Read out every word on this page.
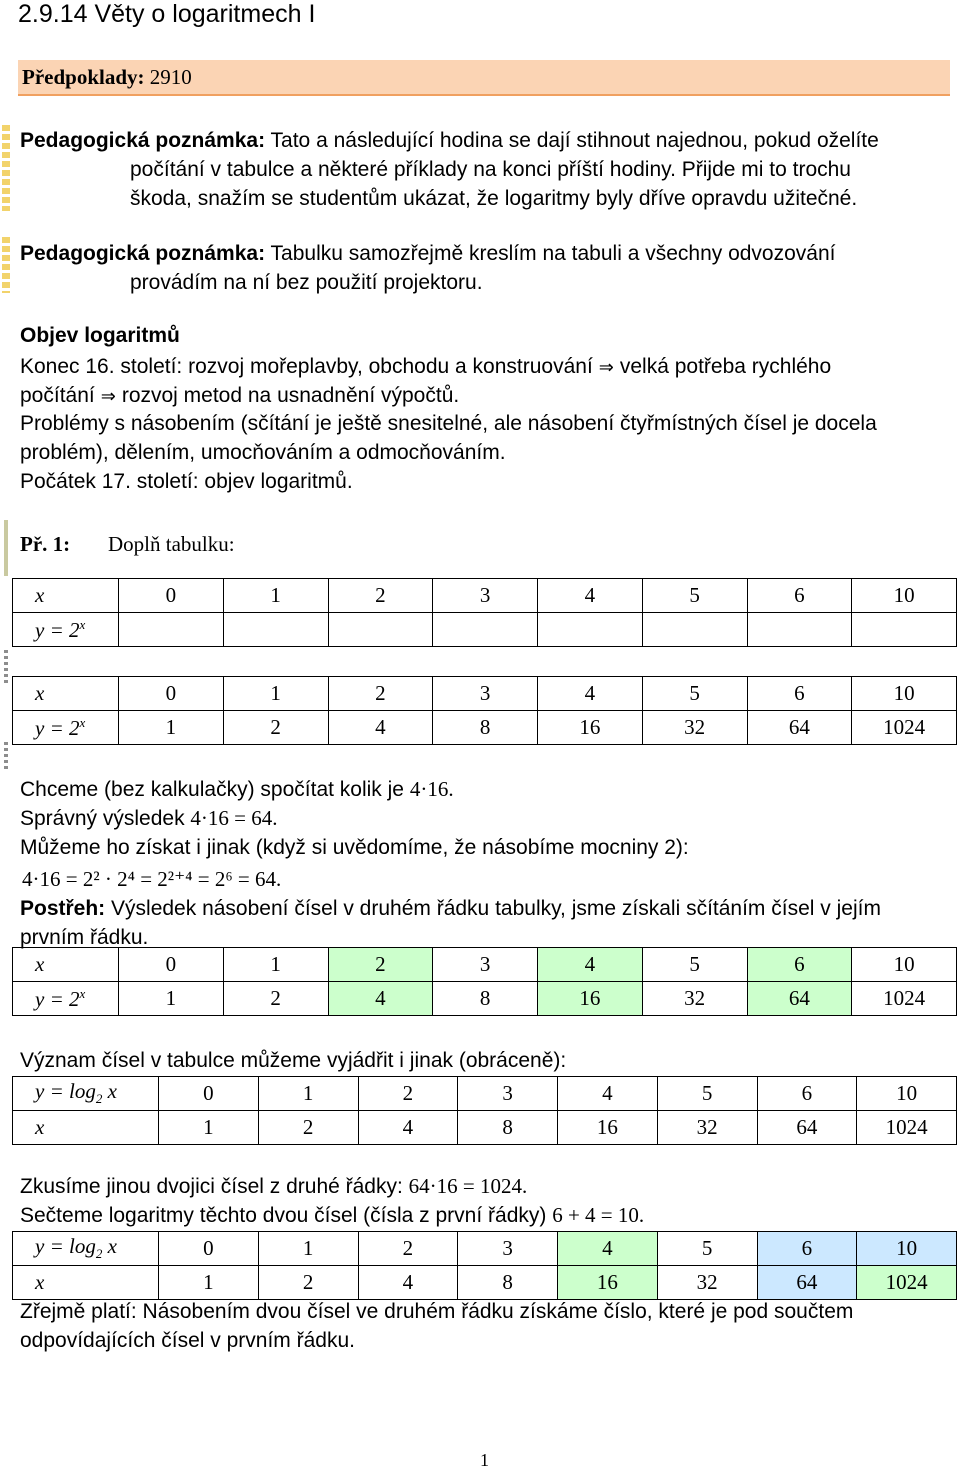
2.9.14 Věty o logaritmech I
Předpoklady: 2910
Pedagogická poznámka: Tato a následující hodina se dají stihnout najednou, pokud oželíte
počítání v tabulce a některé příklady na konci příští hodiny. Přijde mi to trochu
škoda, snažím se studentům ukázat, že logaritmy byly dříve opravdu užitečné.
Pedagogická poznámka: Tabulku samozřejmě kreslím na tabuli a všechny odvozování
provádím na ní bez použití projektoru.
Objev logaritmů
Konec 16. století: rozvoj mořeplavby, obchodu a konstruování ⇒ velká potřeba rychlého
počítání ⇒ rozvoj metod na usnadnění výpočtů.
Problémy s násobením (sčítání je ještě snesitelné, ale násobení čtyřmístných čísel je docela
problém), dělením, umocňováním a odmocňováním.
Počátek 17. století: objev logaritmů.
Př. 1: Doplň tabulku:
x	0	1	2	3	4	5	6	10
$y = 2^x$								
x	0	1	2	3	4	5	6	10
$y = 2^x$	1	2	4	8	16	32	64	1024
Chceme (bez kalkulačky) spočítat kolik je 4·16.
Správný výsledek 4·16 = 64.
Můžeme ho získat i jinak (když si uvědomíme, že násobíme mocniny 2):
4·16 = 2² · 2⁴ = 2²⁺⁴ = 2⁶ = 64.
Postřeh: Výsledek násobení čísel v druhém řádku tabulky, jsme získali sčítáním čísel v jejím
prvním řádku.
x	0	1	2	3	4	5	6	10
$y = 2^x$	1	2	4	8	16	32	64	1024
Význam čísel v tabulce můžeme vyjádřit i jinak (obráceně):
$y = \log_2 x$	0	1	2	3	4	5	6	10
x	1	2	4	8	16	32	64	1024
Zkusíme jinou dvojici čísel z druhé řádky: 64·16 = 1024.
Sečteme logaritmy těchto dvou čísel (čísla z první řádky) 6 + 4 = 10.
$y = \log_2 x$	0	1	2	3	4	5	6	10
x	1	2	4	8	16	32	64	1024
Zřejmě platí: Násobením dvou čísel ve druhém řádku získáme číslo, které je pod součtem
odpovídajících čísel v prvním řádku.
1
